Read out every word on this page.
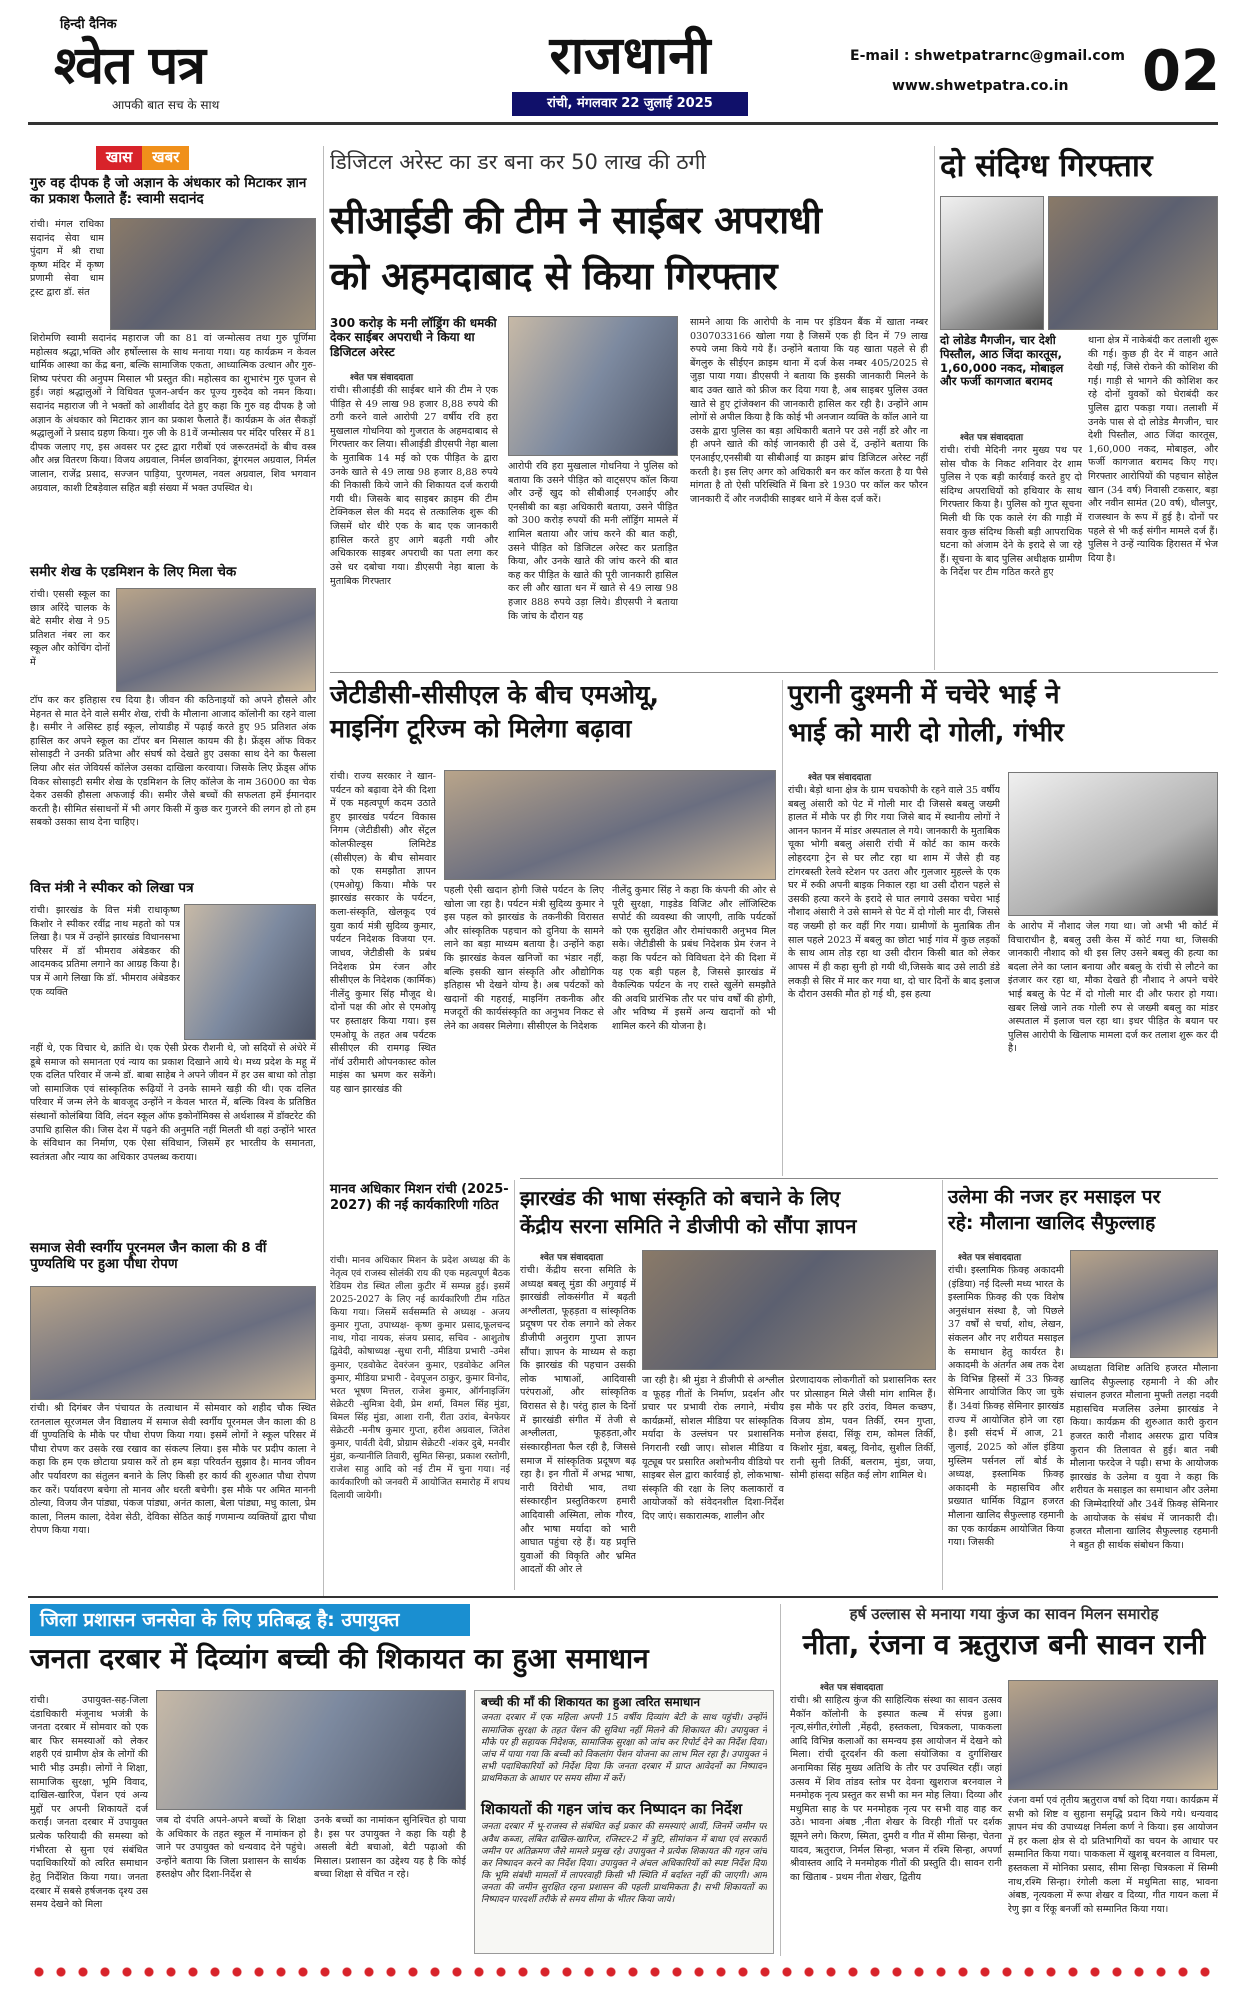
हिन्दी दैनिक
श्वेत पत्र
आपकी बात सच के साथ
राजधानी
रांची, मंगलवार 22 जुलाई 2025
E-mail : shwetpatrarnc@gmail.com
www.shwetpatra.co.in 02
खास	खबर
गुरु वह दीपक है जो अज्ञान के अंधकार को मिटाकर ज्ञान का प्रकाश फैलाते हैं: स्वामी सदानंद
रांची। मंगल राधिका सदानंद सेवा धाम पुंदाग में श्री राधा कृष्ण मंदिर में कृष्ण प्रणामी सेवा धाम ट्रस्ट द्वारा डॉ. संत
शिरोमणि स्वामी सदानंद महाराज जी का 81 वां जन्मोत्सव तथा गुरु पूर्णिमा महोत्सव श्रद्धा,भक्ति और हर्षोल्लास के साथ मनाया गया। यह कार्यक्रम न केवल धार्मिक आस्था का केंद्र बना, बल्कि सामाजिक एकता, आध्यात्मिक उत्थान और गुरु-शिष्य परंपरा की अनुपम मिसाल भी प्रस्तुत की। महोत्सव का शुभारंभ गुरु पूजन से हुई। जहां श्रद्धालुओं ने विधिवत पूजन-अर्चन कर पूज्य गुरुदेव को नमन किया। सदानंद महाराज जी ने भक्तों को आशीर्वाद देते हुए कहा कि गुरु वह दीपक है जो अज्ञान के अंधकार को मिटाकर ज्ञान का प्रकाश फैलाते हैं। कार्यक्रम के अंत सैकड़ों श्रद्धालुओं ने प्रसाद ग्रहण किया। गुरु जी के 81वें जन्मोत्सव पर मंदिर परिसर में 81 दीपक जलाए गए, इस अवसर पर ट्रस्ट द्वारा गरीबों एवं जरूरतमंदों के बीच वस्त्र और अन्न वितरण किया। विजय अग्रवाल, निर्मल छावनिका, डूंगरमल अग्रवाल, निर्मल जालान, राजेंद्र प्रसाद, सज्जन पाड़िया, पुरणमल, नवल अग्रवाल, शिव भगवान अग्रवाल, काशी टिबड़ेवाल सहित बड़ी संख्या में भक्त उपस्थित थे।
समीर शेख के एडमिशन के लिए मिला चेक
रांची। एससी स्कूल का छात्र अरिंदे चालक के बेटे समीर शेख ने 95 प्रतिशत नंबर ला कर स्कूल और कोचिंग दोनों में
टॉप कर कर इतिहास रच दिया है। जीवन की कठिनाइयों को अपने हौसले और मेहनत से मात देने वाले समीर शेख, रांची के मौलाना आजाद कॉलोनी का रहने वाला है। समीर ने असिस्ट हाई स्कूल, लोयाडीह में पढ़ाई करते हुए 95 प्रतिशत अंक हासिल कर अपने स्कूल का टॉपर बन मिसाल कायम की है। फ्रेंड्स ऑफ विकर सोसाइटी ने उनकी प्रतिभा और संघर्ष को देखते हुए उसका साथ देने का फैसला लिया और संत जेवियर्स कॉलेज उसका दाखिला करवाया। जिसके लिए फ्रेंड्स ऑफ विकर सोसाइटी समीर शेख के एडमिशन के लिए कॉलेज के नाम 36000 का चेक देकर उसकी हौसला अफजाई की। समीर जैसे बच्चों की सफलता हमें ईमानदार करती है। सीमित संसाधनों में भी अगर किसी में कुछ कर गुजरने की लगन हो तो हम सबको उसका साथ देना चाहिए।
वित्त मंत्री ने स्पीकर को लिखा पत्र
रांची। झारखंड के वित्त मंत्री राधाकृष्ण किशोर ने स्पीकर रवींद्र नाथ महतो को पत्र लिखा है। पत्र में उन्होंने झारखंड विधानसभा परिसर में डॉ भीमराव अंबेडकर की आदमकद प्रतिमा लगाने का आग्रह किया है। पत्र में आगे लिखा कि डॉ. भीमराव अंबेडकर एक व्यक्ति
नहीं थे, एक विचार थे, क्रांति थे। एक ऐसी प्रेरक रौशनी थे, जो सदियों से अंधेरे में डूबे समाज को समानता एवं न्याय का प्रकाश दिखाने आये थे। मध्य प्रदेश के महू में एक दलित परिवार में जन्मे डॉ. बाबा साहेब ने अपने जीवन में हर उस बाधा को तोड़ा जो सामाजिक एवं सांस्कृतिक रूढ़ियों ने उनके सामने खड़ी की थी। एक दलित परिवार में जन्म लेने के बावजूद उन्होंने न केवल भारत में, बल्कि विश्व के प्रतिष्ठित संस्थानों कोलंबिया विवि, लंदन स्कूल ऑफ इकोनॉमिक्स से अर्थशास्त्र में डॉक्टरेट की उपाधि हासिल की। जिस देश में पढ़ने की अनुमति नहीं मिलती थी वहां उन्होंने भारत के संविधान का निर्माण, एक ऐसा संविधान, जिसमें हर भारतीय के समानता, स्वतंत्रता और न्याय का अधिकार उपलब्ध कराया।
समाज सेवी स्वर्गीय पूरनमल जैन काला की 8 वीं पुण्यतिथि पर हुआ पौधा रोपण
रांची। श्री दिगंबर जैन पंचायत के तत्वाधान में सोमवार को शहीद चौक स्थित रतनलाल सूरजमल जैन विद्यालय में समाज सेवी स्वर्गीय पूरनमल जैन काला की 8 वीं पुण्यतिथि के मौके पर पौधा रोपण किया गया। इसमें लोगों ने स्कूल परिसर में पौधा रोपण कर उसके रख रखाव का संकल्प लिया। इस मौके पर प्रदीप काला ने कहा कि हम एक छोटाया प्रयास करें तो हम बड़ा परिवर्तन सुझाव है। मानव जीवन और पर्यावरण का संतुलन बनाने के लिए किसी हर कार्य की शुरुआत पौधा रोपण कर करें। पर्यावरण बचेगा तो मानव और धरती बचेगी। इस मौके पर अमित माननी ठोल्या, विजय जैन पांड्या, पंकज पांड्या, अनंत काला, बेला पांड्या, मधु काला, प्रेम काला, निलम काला, देवेश सेठी, देविका सेठित काई गणमान्य व्यक्तियों द्वारा पौधा रोपण किया गया।
डिजिटल अरेस्ट का डर बना कर 50 लाख की ठगी
सीआईडी की टीम ने साईबर अपराधी
को अहमदाबाद से किया गिरफ्तार
300 करोड़ के मनी लॉड्रिंग की धमकी देकर साईबर अपराधी ने किया था डिजिटल अरेस्ट
श्वेत पत्र संवाददाता
रांची। सीआईडी की साईबर थाने की टीम ने एक पीड़ित से 49 लाख 98 हजार 8,88 रुपये की ठगी करने वाले आरोपी 27 वर्षीय रवि हरा मुखलाल गोधनिया को गुजरात के अहमदाबाद से गिरफ्तार कर लिया। सीआईडी डीएसपी नेहा बाला के मुताबिक 14 मई को एक पीड़ित के द्वारा उनके खाते से 49 लाख 98 हजार 8,88 रुपये की निकासी किये जाने की शिकायत दर्ज करायी गयी थी। जिसके बाद साइबर क्राइम की टीम टेक्निकल सेल की मदद से तत्कालिक शुरू की जिसमें धोर धीरे एक के बाद एक जानकारी हासिल करते हुए आगे बढ़ती गयी और अधिकारक साइबर अपराधी का पता लगा कर उसे धर दबोचा गया। डीएसपी नेहा बाला के मुताबिक गिरफ्तार
आरोपी रवि हरा मुखलाल गोधनिया ने पुलिस को बताया कि उसने पीड़ित को वाट्सएप कॉल किया और उन्हें खुद को सीबीआई एनआईए और एनसीबी का बड़ा अधिकारी बताया, उसने पीड़ित को 300 करोड़ रुपयों की मनी लॉड्रिंग मामले में शामिल बताया और जांच करने की बात कही, उसने पीड़ित को डिजिटल अरेस्ट कर प्रताड़ित किया, और उनके खाते की जांच करने की बात कह कर पीड़ित के खाते की पूरी जानकारी हासिल कर ली और खाता धन में खाते से 49 लाख 98 हजार 888 रुपये उड़ा लिये। डीएसपी ने बताया कि जांच के दौरान यह
सामने आया कि आरोपी के नाम पर इंडियन बैंक में खाता नम्बर 0307033166 खोला गया है जिसमें एक ही दिन में 79 लाख रुपये जमा किये गये हैं। उन्होंने बताया कि यह खाता पहले से ही बेंगलुरु के सीईएन क्राइम थाना में दर्ज केस नम्बर 405/2025 से जुड़ा पाया गया। डीएसपी ने बताया कि इसकी जानकारी मिलने के बाद उक्त खाते को फ्रीज कर दिया गया है, अब साइबर पुलिस उक्त खाते से हुए ट्रांजेक्शन की जानकारी हासिल कर रही है। उन्होंने आम लोगों से अपील किया है कि कोई भी अनजान व्यक्ति के कॉल आने या उसके द्वारा पुलिस का बड़ा अधिकारी बताने पर उसे नहीं डरे और ना ही अपने खाते की कोई जानकारी ही उसे दें, उन्होंने बताया कि एनआईए,एनसीबी या सीबीआई या क्राइम ब्रांच डिजिटल अरेस्ट नहीं करती है। इस लिए अगर को अधिकारी बन कर कॉल करता है या पैसे मांगता है तो ऐसी परिस्थिति में बिना डरे 1930 पर कॉल कर फौरन जानकारी दें और नजदीकी साइबर थाने में केस दर्ज करें।
दो संदिग्ध गिरफ्तार
दो लोडेड मैगजीन, चार देशी पिस्तौल, आठ जिंदा कारतूस, 1,60,000 नकद, मोबाइल और फर्जी कागजात बरामद
श्वेत पत्र संवाददाता
रांची। रांची मेदिनी नगर मुख्य पथ पर सोस चौक के निकट शनिवार देर शाम पुलिस ने एक बड़ी कार्रवाई करते हुए दो संदिग्ध अपराधियों को हथियार के साथ गिरफ्तार किया है। पुलिस को गुप्त सूचना मिली थी कि एक काले रंग की गाड़ी में सवार कुछ संदिग्ध किसी बड़ी आपराधिक घटना को अंजाम देने के इरादे से जा रहे हैं। सूचना के बाद पुलिस अधीक्षक ग्रामीण के निर्देश पर टीम गठित करते हुए
थाना क्षेत्र में नाकेबंदी कर तलाशी शुरू की गई। कुछ ही देर में वाहन आते देखी गई, जिसे रोकने की कोशिश की गई। गाड़ी से भागने की कोशिश कर रहे दोनों युवकों को घेराबंदी कर पुलिस द्वारा पकड़ा गया। तलाशी में उनके पास से दो लोडेड मैगजीन, चार देशी पिस्तौल, आठ जिंदा कारतूस, 1,60,000 नकद, मोबाइल, और फर्जी कागजात बरामद किए गए। गिरफ्तार आरोपियों की पहचान सोहेल खान (34 वर्ष) निवासी टकसार, बड़ा और नवीन सामंत (20 वर्ष), धौलपुर, राजस्थान के रूप में हुई है। दोनों पर पहले से भी कई संगीन मामले दर्ज हैं। पुलिस ने उन्हें न्यायिक हिरासत में भेज दिया है।
जेटीडीसी-सीसीएल के बीच एमओयू,
माइनिंग टूरिज्म को मिलेगा बढ़ावा
रांची। राज्य सरकार ने खान-पर्यटन को बढ़ावा देने की दिशा में एक महत्वपूर्ण कदम उठाते हुए झारखंड पर्यटन विकास निगम (जेटीडीसी) और सेंट्रल कोलफील्ड्स लिमिटेड (सीसीएल) के बीच सोमवार को एक समझौता ज्ञापन (एमओयू) किया। मौके पर झारखंड सरकार के पर्यटन, कला-संस्कृति, खेलकूद एवं युवा कार्य मंत्री सुदिव्य कुमार, पर्यटन निदेशक विजया एन. जाधव, जेटीडीसी के प्रबंध निदेशक प्रेम रंजन और सीसीएल के निदेशक (कार्मिक) नीलेंदु कुमार सिंह मौजूद थे। दोनों पक्ष की ओर से एमओयू पर हस्ताक्षर किया गया। इस एमओयू के तहत अब पर्यटक सीसीएल की रामगढ़ स्थित नॉर्थ उरीमारी ओपनकास्ट कोल माइंस का भ्रमण कर सकेंगे। यह खान झारखंड की
पहली ऐसी खदान होगी जिसे पर्यटन के लिए खोला जा रहा है। पर्यटन मंत्री सुदिव्य कुमार ने इस पहल को झारखंड के तकनीकी विरासत और सांस्कृतिक पहचान को दुनिया के सामने लाने का बड़ा माध्यम बताया है। उन्होंने कहा कि झारखंड केवल खनिजों का भंडार नहीं, बल्कि इसकी खान संस्कृति और औद्योगिक इतिहास भी देखने योग्य है। अब पर्यटकों को खदानों की गहराई, माइनिंग तकनीक और मजदूरों की कार्यसंस्कृति का अनुभव निकट से लेने का अवसर मिलेगा। सीसीएल के निदेशक
नीलेंदु कुमार सिंह ने कहा कि कंपनी की ओर से पूरी सुरक्षा, गाइडेड विजिट और लॉजिस्टिक सपोर्ट की व्यवस्था की जाएगी, ताकि पर्यटकों को एक सुरक्षित और रोमांचकारी अनुभव मिल सके। जेटीडीसी के प्रबंध निदेशक प्रेम रंजन ने कहा कि पर्यटन को विविधता देने की दिशा में यह एक बड़ी पहल है, जिससे झारखंड में वैकल्पिक पर्यटन के नए रास्ते खुलेंगे समझौते की अवधि प्रारंभिक तौर पर पांच वर्षों की होगी, और भविष्य में इसमें अन्य खदानों को भी शामिल करने की योजना है।
पुरानी दुश्मनी में चचेरे भाई ने
भाई को मारी दो गोली, गंभीर
श्वेत पत्र संवाददाता
रांची। बेड़ो थाना क्षेत्र के ग्राम चचकोपी के रहने वाले 35 वर्षीय बबलु अंसारी को पेट में गोली मार दी जिससे बबलु जख्मी हालत में मौके पर ही गिर गया जिसे बाद में स्थानीय लोगों ने आनन फानन में मांडर अस्पताल ले गये। जानकारी के मुताबिक चूका भोगी बबलु अंसारी रांची में कोर्ट का काम करके लोहरदगा ट्रेन से घर लौट रहा था शाम में जैसे ही वह टांगरबस्ती रेलवे स्टेशन पर उतरा और गुलजार मुहल्ले के एक घर में रुकी अपनी बाइक निकाल रहा था उसी दौरान पहले से उसकी हत्या करने के इरादे से घात लगाये उसका चचेरा भाई नौशाद अंसारी ने उसे सामने से पेट में दो गोली मार दी, जिससे वह जख्मी हो कर वहीं गिर गया। ग्रामीणों के मुताबिक तीन साल पहले 2023 में बबलु का छोटा भाई गांव में कुछ लड़कों के साथ आम तोड़ रहा था उसी दौरान किसी बात को लेकर आपस में ही कहा सुनी हो गयी थी,जिसके बाद उसे लाठी डंडे लकड़ी से सिर में मार कर गया था, दो चार दिनों के बाद इलाज के दौरान उसकी मौत हो गई थी, इस हत्या
के आरोप में नौशाद जेल गया था। जो अभी भी कोर्ट में विचाराधीन है, बबलु उसी केस में कोर्ट गया था, जिसकी जानकारी नौशाद को थी इस लिए उसने बबलु की हत्या का बदला लेने का प्लान बनाया और बबलु के रांची से लौटने का इंतजार कर रहा था, मौका देखते ही नौशाद ने अपने चचेरे भाई बबलु के पेट में दो गोली मार दी और फरार हो गया। खबर लिखे जाने तक गोली रुप से जख्मी बबलु का मांडर अस्पताल में इलाज चल रहा था। इधर पीड़ित के बयान पर पुलिस आरोपी के खिलाफ मामला दर्ज कर तलाश शुरू कर दी है।
मानव अधिकार मिशन रांची (2025-2027) की नई कार्यकारिणी गठित
रांची। मानव अधिकार मिशन के प्रदेश अध्यक्ष की के नेतृत्व एवं राजस्व सोलंकी राय की एक महत्वपूर्ण बैठक रेडियम रोड स्थित लीला कुटीर में सम्पन्न हुई। इसमें 2025-2027 के लिए नई कार्यकारिणी टीम गठित किया गया। जिसमें सर्वसम्मति से अध्यक्ष - अजय कुमार गुप्ता, उपाध्यक्ष- कृष्ण कुमार प्रसाद,फूलचन्द नाथ, गोदा नायक, संजय प्रसाद, सचिव - आशुतोष द्विवेदी, कोषाध्यक्ष -सुधा रानी, मीडिया प्रभारी -उमेश कुमार, एडवोकेट देवरंजन कुमार, एडवोकेट अनिल कुमार, मीडिया प्रभारी - देवपूजन ठाकुर, कुमार विनोद, भरत भूषण मित्तल, राजेश कुमार, ऑर्गनाइजिंग सेक्रेटरी -सुमित्रा देवी, प्रेम शर्मा, विमल सिंह मुंडा, बिमल सिंह मुंडा, आशा रानी, रीता उरांव, बेनफेयर सेक्रेटरी -मनीष कुमार गुप्ता, हरीश अग्रवाल, जितेश कुमार, पार्वती देवी, प्रोग्राम सेक्रेटरी -शंकर दुबे, मनवीर मुंडा, कन्यानीलि तिवारी, सुमित सिन्हा, प्रकाश रस्तोगी, राजेश साहु आदि को नई टीम में चुना गया। नई कार्यकारिणी को जनवरी में आयोजित समारोह में शपथ दिलायी जायेगी।
झारखंड की भाषा संस्कृति को बचाने के लिए
केंद्रीय सरना समिति ने डीजीपी को सौंपा ज्ञापन
श्वेत पत्र संवाददाता
रांची। केंद्रीय सरना समिति के अध्यक्ष बबलू मुंडा की अगुवाई में झारखंडी लोकसंगीत में बढ़ती अश्लीलता, फूहड़ता व सांस्कृतिक प्रदूषण पर रोक लगाने को लेकर डीजीपी अनुराग गुप्ता ज्ञापन सौंपा। ज्ञापन के माध्यम से कहा कि झारखंड की पहचान उसकी लोक भाषाओं, आदिवासी परंपराओं, और सांस्कृतिक विरासत से है। परंतु हाल के दिनों में झारखंडी संगीत में तेजी से अश्लीलता, फूहड़ता,और संस्कारहीनता फैल रही है, जिससे समाज में सांस्कृतिक प्रदूषण बढ़ रहा है। इन गीतों में अभद्र भाषा, नारी विरोधी भाव, तथा संस्कारहीन प्रस्तुतिकरण हमारी आदिवासी अस्मिता, लोक गौरव, और भाषा मर्यादा को भारी आघात पहुंचा रहे हैं। यह प्रवृत्ति युवाओं की विकृति और भ्रमित आदतों की ओर ले
जा रही है। श्री मुंडा ने डीजीपी से अश्लील व फूहड़ गीतों के निर्माण, प्रदर्शन और प्रचार पर प्रभावी रोक लगाने, मंचीय कार्यक्रमों, सोशल मीडिया पर सांस्कृतिक मर्यादा के उल्लंघन पर प्रशासनिक निगरानी रखी जाए। सोशल मीडिया व यूट्यूब पर प्रसारित अशोभनीय वीडियो पर साइबर सेल द्वारा कार्रवाई हो, लोकभाषा-संस्कृति की रक्षा के लिए कलाकारों व आयोजकों को संवेदनशील दिशा-निर्देश दिए जाएं। सकारात्मक, शालीन और
प्रेरणादायक लोकगीतों को प्रशासनिक स्तर पर प्रोत्साहन मिले जैसी मांग शामिल हैं। इस मौके पर हरि उरांव, विमल कच्छप, विजय डोम, पवन तिर्की, रमन गुप्ता, मनोज हंसदा, सिंकू राम, कोमल तिर्की, किशोर मुंडा, बबलू, विनोद, सुशील तिर्की, रानी सुनी तिर्की, बलराम, मुंडा, जया, सोमी हांसदा सहित कई लोग शामिल थे।
उलेमा की नजर हर मसाइल पर
रहे: मौलाना खालिद सैफुल्लाह
श्वेत पत्र संवाददाता
रांची। इस्लामिक फ़िक्ह अकादमी (इंडिया) नई दिल्ली मध्य भारत के इस्लामिक फ़िक्ह की एक विशेष अनुसंधान संस्था है, जो पिछले 37 वर्षों से चर्चा, शोध, लेखन, संकलन और नए शरीयत मसाइल के समाधान हेतु कार्यरत है। अकादमी के अंतर्गत अब तक देश के विभिन्न हिस्सों में 33 फ़िक्ह सेमिनार आयोजित किए जा चुके हैं। 34वां फ़िक्ह सेमिनार झारखंड राज्य में आयोजित होने जा रहा है। इसी संदर्भ में आज, 21 जुलाई, 2025 को ऑल इंडिया मुस्लिम पर्सनल लॉ बोर्ड के अध्यक्ष, इस्लामिक फ़िक्ह अकादमी के महासचिव और प्रख्यात धार्मिक विद्वान हजरत मौलाना खालिद सैफुल्लाह रहमानी का एक कार्यक्रम आयोजित किया गया। जिसकी
अध्यक्षता विशिष्ट अतिथि हजरत मौलाना खालिद सैफुल्लाह रहमानी ने की और संचालन हजरत मौलाना मुफ्ती तलहा नदवी महासचिव मजलिस उलेमा झारखंड ने किया। कार्यक्रम की शुरुआत कारी कुरान हजरत कारी नौशाद असरफ द्वारा पवित्र कुरान की तिलावत से हुई। बात नबी मौलाना फरदेज ने पढ़ी। सभा के आयोजक झारखंड के उलेमा व युवा ने कहा कि शरीयत के मसाइल का समाधान और उलेमा की जिम्मेदारियों और 34वें फ़िक्ह सेमिनार के आयोजक के संबंध में जानकारी दी। हजरत मौलाना खालिद सैफुल्लाह रहमानी ने बहुत ही सार्थक संबोधन किया।
जिला प्रशासन जनसेवा के लिए प्रतिबद्ध है: उपायुक्त
जनता दरबार में दिव्यांग बच्ची की शिकायत का हुआ समाधान
रांची। उपायुक्त-सह-जिला दंडाधिकारी मंजूनाथ भजंत्री के जनता दरबार में सोमवार को एक बार फिर समस्याओं को लेकर शहरी एवं ग्रामीण क्षेत्र के लोगों की भारी भीड़ उमड़ी। लोगों ने शिक्षा, सामाजिक सुरक्षा, भूमि विवाद, दाखिल-खारिज, पेंशन एवं अन्य मुद्दों पर अपनी शिकायतें दर्ज कराईं। जनता दरबार में उपायुक्त प्रत्येक फरियादी की समस्या को गंभीरता से सुना एवं संबंधित पदाधिकारियों को त्वरित समाधान हेतु निर्देशित किया गया। जनता दरबार में सबसे हर्षजनक दृश्य उस समय देखने को मिला
जब दो दंपति अपने-अपने बच्चों के शिक्षा के अधिकार के तहत स्कूल में नामांकन हो जाने पर उपायुक्त को धन्यवाद देने पहुंचे। उन्होंने बताया कि जिला प्रशासन के सार्थक हस्तक्षेप और दिशा-निर्देश से
उनके बच्चों का नामांकन सुनिश्चित हो पाया है। इस पर उपायुक्त ने कहा कि यही है असली बेटी बचाओ, बेटी पढ़ाओ की मिसाल। प्रशासन का उद्देश्य यह है कि कोई बच्चा शिक्षा से वंचित न रहे।
बच्ची की माँ की शिकायत का हुआ त्वरित समाधान
जनता दरबार में एक महिला अपनी 15 वर्षीय दिव्यांग बेटी के साथ पहुंची। उन्होंने सामाजिक सुरक्षा के तहत पेंशन की सुविधा नहीं मिलने की शिकायत की। उपायुक्त ने मौके पर ही सहायक निदेशक, सामाजिक सुरक्षा को जांच कर रिपोर्ट देने का निर्देश दिया। जांच में पाया गया कि बच्ची को विकलांग पेंशन योजना का लाभ मिल रहा है। उपायुक्त ने सभी पदाधिकारियों को निर्देश दिया कि जनता दरबार में प्राप्त आवेदनों का निष्पादन प्राथमिकता के आधार पर समय सीमा में करें।
शिकायतों की गहन जांच कर निष्पादन का निर्देश
जनता दरबार में भू-राजस्व से संबंधित कई प्रकार की समस्याएं आयीं, जिनमें जमीन पर अवैध कब्जा, लंबित दाखिल-खारिज, रजिस्टर-2 में त्रुटि, सीमांकन में बाधा एवं सरकारी जमीन पर अतिक्रमण जैसे मामले प्रमुख रहे। उपायुक्त ने प्रत्येक शिकायत की गहन जांच कर निष्पादन करने का निर्देश दिया। उपायुक्त ने अंचल अधिकारियों को स्पष्ट निर्देश दिया कि भूमि संबंधी मामलों में लापरवाही किसी भी स्थिति में बर्दाश्त नहीं की जाएगी। आम जनता की जमीन सुरक्षित रहना प्रशासन की पहली प्राथमिकता है। सभी शिकायतों का निष्पादन पारदर्शी तरीके से समय सीमा के भीतर किया जाये।
हर्ष उल्लास से मनाया गया कुंज का सावन मिलन समारोह
नीता, रंजना व ऋतुराज बनी सावन रानी
श्वेत पत्र संवाददाता
रांची। श्री साहित्य कुंज की साहित्यिक संस्था का सावन उत्सव मैकॉन कॉलोनी के इस्पात कल्ब में संपन्न हुआ। नृत्य,संगीत,रंगोली ,मेंहदी, हस्तकला, चित्रकला, पाककला आदि विभिन्न कलाओं का समन्वय इस आयोजन में देखने को मिला। रांची दूरदर्शन की कला संयोजिका व दुर्गाशिखर अनामिका सिंह मुख्य अतिथि के तौर पर उपस्थित रहीं। जहां उत्सव में शिव तांडव स्तोत्र पर देवना खुशराज बरनवाल ने मनमोहक नृत्य प्रस्तुत कर सभी का मन मोह लिया। दिव्या और मधुमिता साह के पर मनमोहक नृत्य पर सभी वाह वाह कर उठे। भावना अंबष्ठ ,नीता शेखर के विरही गीतों पर दर्शक झूमने लगे। किरण, स्मिता, दुमरी व गीत में सीमा सिन्हा, चेतना यादव, ऋतुराज, निर्मल सिन्हा, भजन में रश्मि सिन्हा, अपर्णा श्रीवास्तव आदि ने मनमोहक गीतों की प्रस्तुति दी। सावन रानी का खिताब - प्रथम नीता शेखर, द्वितीय
रंजना वर्मा एवं तृतीय ऋतुराज वर्षा को दिया गया। कार्यक्रम में सभी को शिष्ट व सुहाना समृद्धि प्रदान किये गये। धन्यवाद ज्ञापन मंच की उपाध्यक्ष निर्मला कर्ण ने किया। इस आयोजन में हर कला क्षेत्र से दो प्रतिभागियों का चयन के आधार पर सम्मानित किया गया। पाककला में खुशबू बरनवाल व विमला, हस्तकला में मोनिका प्रसाद, सीमा सिन्हा चित्रकला में सिम्मी नाथ,रश्मि सिन्हा। रंगोली कला में मधुमिता साह, भावना अंबष्ठ, नृत्यकला में रूपा शेखर व दिव्या, गीत गायन कला में रेणु झा व रिंकू बनर्जी को सम्मानित किया गया।
